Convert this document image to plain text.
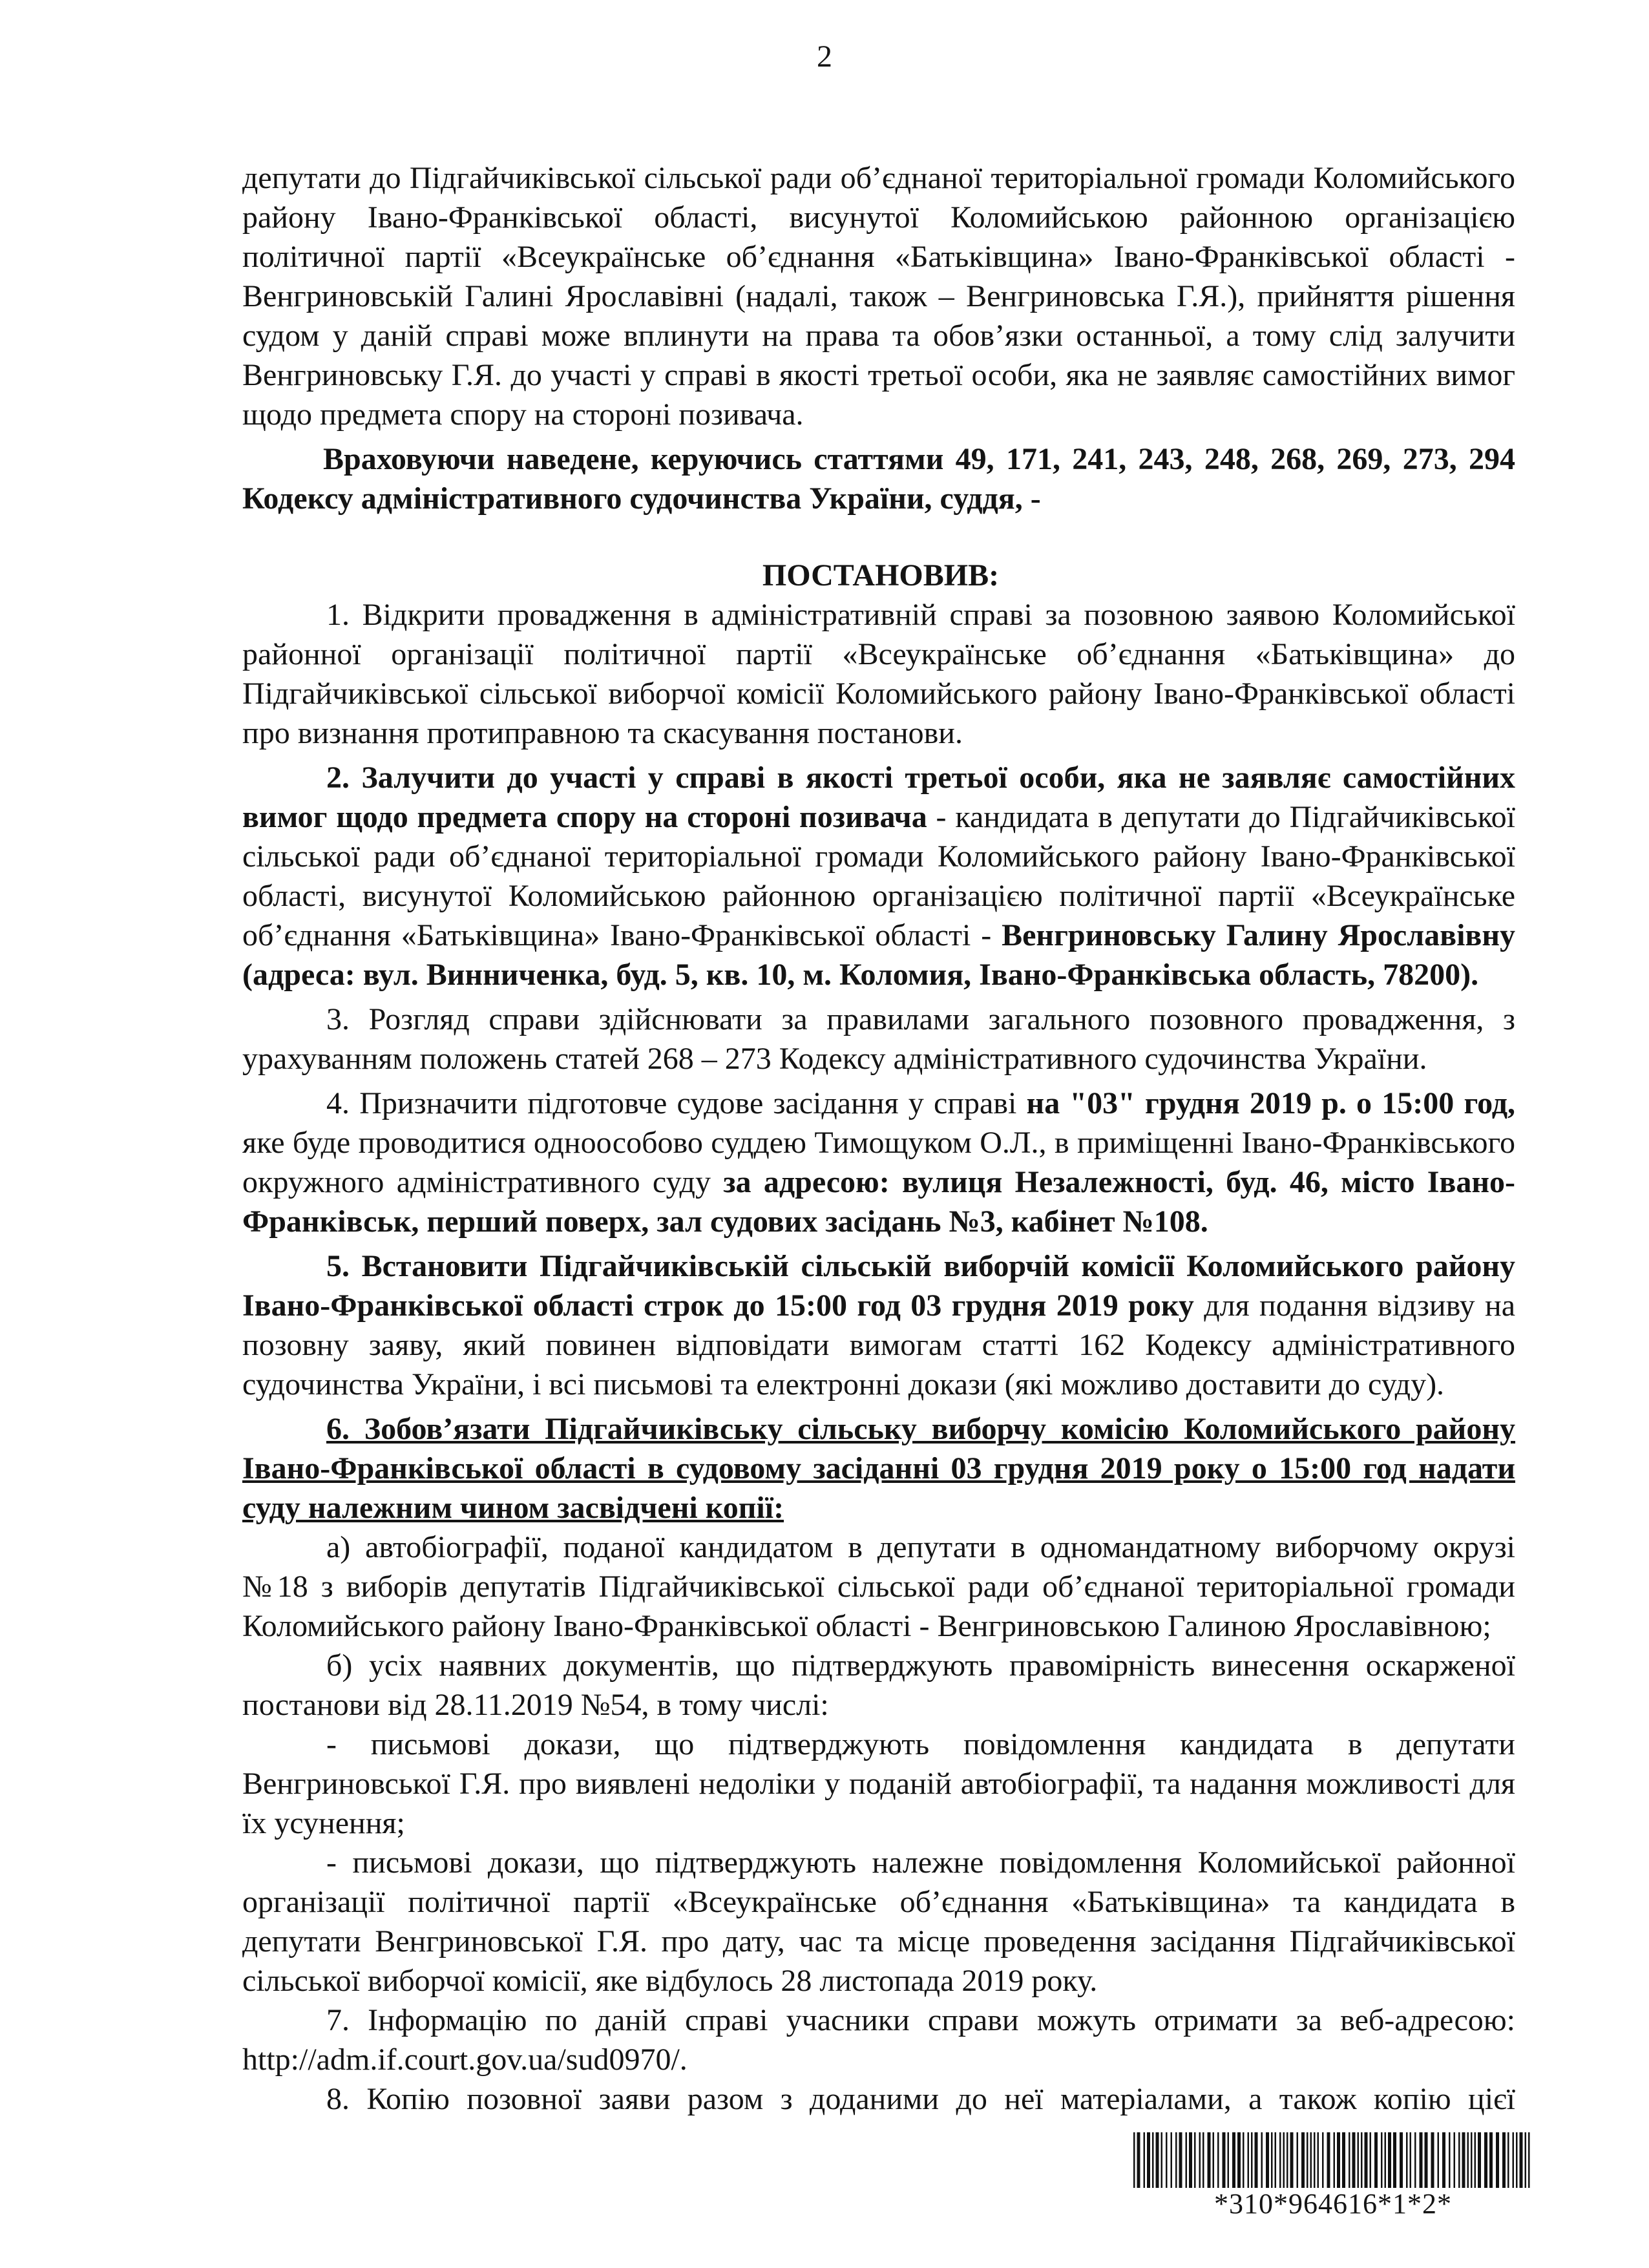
2

депутати до Підгайчиківської сільської ради об’єднаної територіальної громади Коломийського району Івано-Франківської області, висунутої Коломийською районною організацією політичної партії «Всеукраїнське об’єднання «Батьківщина» Івано-Франківської області - Венгриновській Галині Ярославівні (надалі, також – Венгриновська Г.Я.), прийняття рішення судом у даній справі може вплинути на права та обов’язки останньої, а тому слід залучити Венгриновську Г.Я. до участі у справі в якості третьої особи, яка не заявляє самостійних вимог щодо предмета спору на стороні позивача.

Враховуючи наведене, керуючись статтями 49, 171, 241, 243, 248, 268, 269, 273, 294 Кодексу адміністративного судочинства України, суддя, -

ПОСТАНОВИВ:

1. Відкрити провадження в адміністративній справі за позовною заявою Коломийської районної організації політичної партії «Всеукраїнське об’єднання «Батьківщина» до Підгайчиківської сільської виборчої комісії Коломийського району Івано-Франківської області про визнання протиправною та скасування постанови.

2. Залучити до участі у справі в якості третьої особи, яка не заявляє самостійних вимог щодо предмета спору на стороні позивача - кандидата в депутати до Підгайчиківської сільської ради об’єднаної територіальної громади Коломийського району Івано-Франківської області, висунутої Коломийською районною організацією політичної партії «Всеукраїнське об’єднання «Батьківщина» Івано-Франківської області - Венгриновську Галину Ярославівну (адреса: вул. Винниченка, буд. 5, кв. 10, м. Коломия, Івано-Франківська область, 78200).

3. Розгляд справи здійснювати за правилами загального позовного провадження, з урахуванням положень статей 268 – 273 Кодексу адміністративного судочинства України.

4. Призначити підготовче судове засідання у справі на "03" грудня 2019 р. о 15:00 год, яке буде проводитися одноособово суддею Тимощуком О.Л., в приміщенні Івано-Франківського окружного адміністративного суду за адресою: вулиця Незалежності, буд. 46, місто Івано-Франківськ, перший поверх, зал судових засідань №3, кабінет №108.

5. Встановити Підгайчиківській сільській виборчій комісії Коломийського району Івано-Франківської області строк до 15:00 год 03 грудня 2019 року для подання відзиву на позовну заяву, який повинен відповідати вимогам статті 162 Кодексу адміністративного судочинства України, і всі письмові та електронні докази (які можливо доставити до суду).

6. Зобов’язати Підгайчиківську сільську виборчу комісію Коломийського району Івано-Франківської області в судовому засіданні 03 грудня 2019 року о 15:00 год надати суду належним чином засвідчені копії:

а) автобіографії, поданої кандидатом в депутати в одномандатному виборчому окрузі №18 з виборів депутатів Підгайчиківської сільської ради об’єднаної територіальної громади Коломийського району Івано-Франківської області - Венгриновською Галиною Ярославівною;

б) усіх наявних документів, що підтверджують правомірність винесення оскарженої постанови від 28.11.2019 №54, в тому числі:

- письмові докази, що підтверджують повідомлення кандидата в депутати Венгриновської Г.Я. про виявлені недоліки у поданій автобіографії, та надання можливості для їх усунення;

- письмові докази, що підтверджують належне повідомлення Коломийської районної організації політичної партії «Всеукраїнське об’єднання «Батьківщина» та кандидата в депутати Венгриновської Г.Я. про дату, час та місце проведення засідання Підгайчиківської сільської виборчої комісії, яке відбулось 28 листопада 2019 року.

7. Інформацію по даній справі учасники справи можуть отримати за веб-адресою: http://adm.if.court.gov.ua/sud0970/.

8. Копію позовної заяви разом з доданими до неї матеріалами, а також копію цієї

*310*964616*1*2*
